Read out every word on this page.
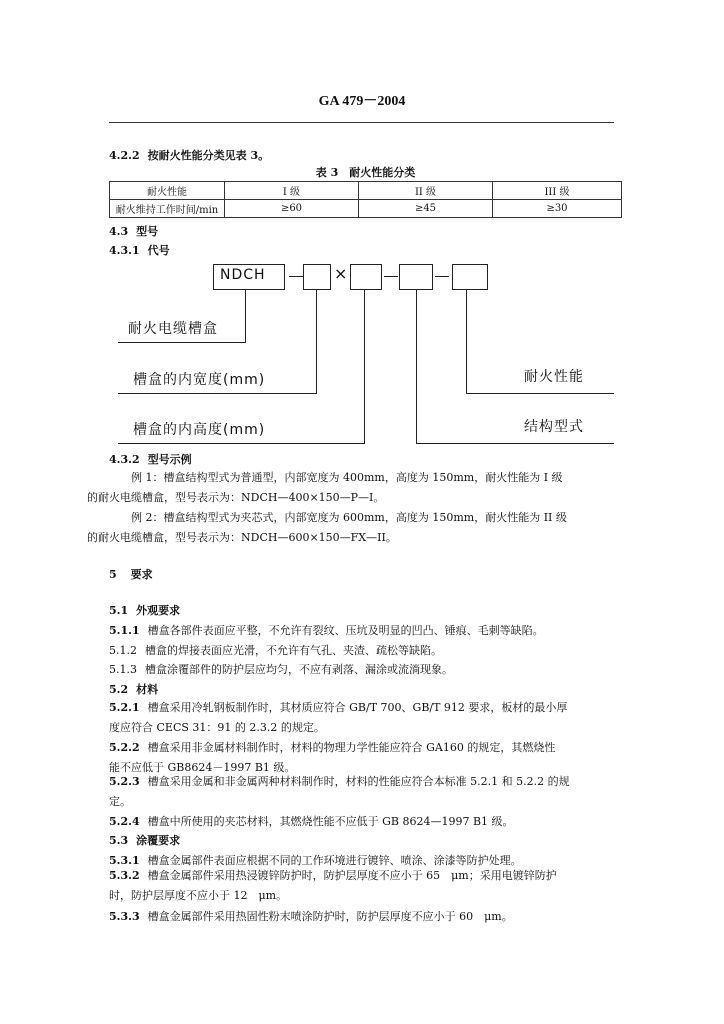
GA 479－2004
4.2.2 按耐火性能分类见表 3。
表 3　耐火性能分类
耐火性能	I 级	II 级	III 级
耐火维持工作时间/min	≥60	≥45	≥30
4.3 型号
4.3.1 代号
NDCH	×
耐火电缆槽盒
槽盒的内宽度(mm)
槽盒的内高度(mm)
耐火性能
结构型式
4.3.2 型号示例
例 1：槽盒结构型式为普通型，内部宽度为 400mm，高度为 150mm，耐火性能为 I 级
的耐火电缆槽盒，型号表示为：NDCH—400×150—P—I。
例 2：槽盒结构型式为夹芯式，内部宽度为 600mm，高度为 150mm，耐火性能为 II 级
的耐火电缆槽盒，型号表示为：NDCH—600×150—FX—II。
5 要求
5.1 外观要求
5.1.1 槽盒各部件表面应平整，不允许有裂纹、压坑及明显的凹凸、锤痕、毛刺等缺陷。
5.1.2 槽盒的焊接表面应光滑，不允许有气孔、夹渣、疏松等缺陷。
5.1.3 槽盒涂覆部件的防护层应均匀，不应有剥落、漏涂或流淌现象。
5.2 材料
5.2.1 槽盒采用冷轧钢板制作时，其材质应符合 GB/T 700、GB/T 912 要求，板材的最小厚
度应符合 CECS 31：91 的 2.3.2 的规定。
5.2.2 槽盒采用非金属材料制作时，材料的物理力学性能应符合 GA160 的规定，其燃烧性
能不应低于 GB8624－1997 B1 级。
5.2.3 槽盒采用金属和非金属两种材料制作时，材料的性能应符合本标准 5.2.1 和 5.2.2 的规
定。
5.2.4 槽盒中所使用的夹芯材料，其燃烧性能不应低于 GB 8624—1997 B1 级。
5.3 涂覆要求
5.3.1 槽盒金属部件表面应根据不同的工作环境进行镀锌、喷涂、涂漆等防护处理。
5.3.2 槽盒金属部件采用热浸镀锌防护时，防护层厚度不应小于 65　μm；采用电镀锌防护
时，防护层厚度不应小于 12　μm。
5.3.3 槽盒金属部件采用热固性粉末喷涂防护时，防护层厚度不应小于 60　μm。
